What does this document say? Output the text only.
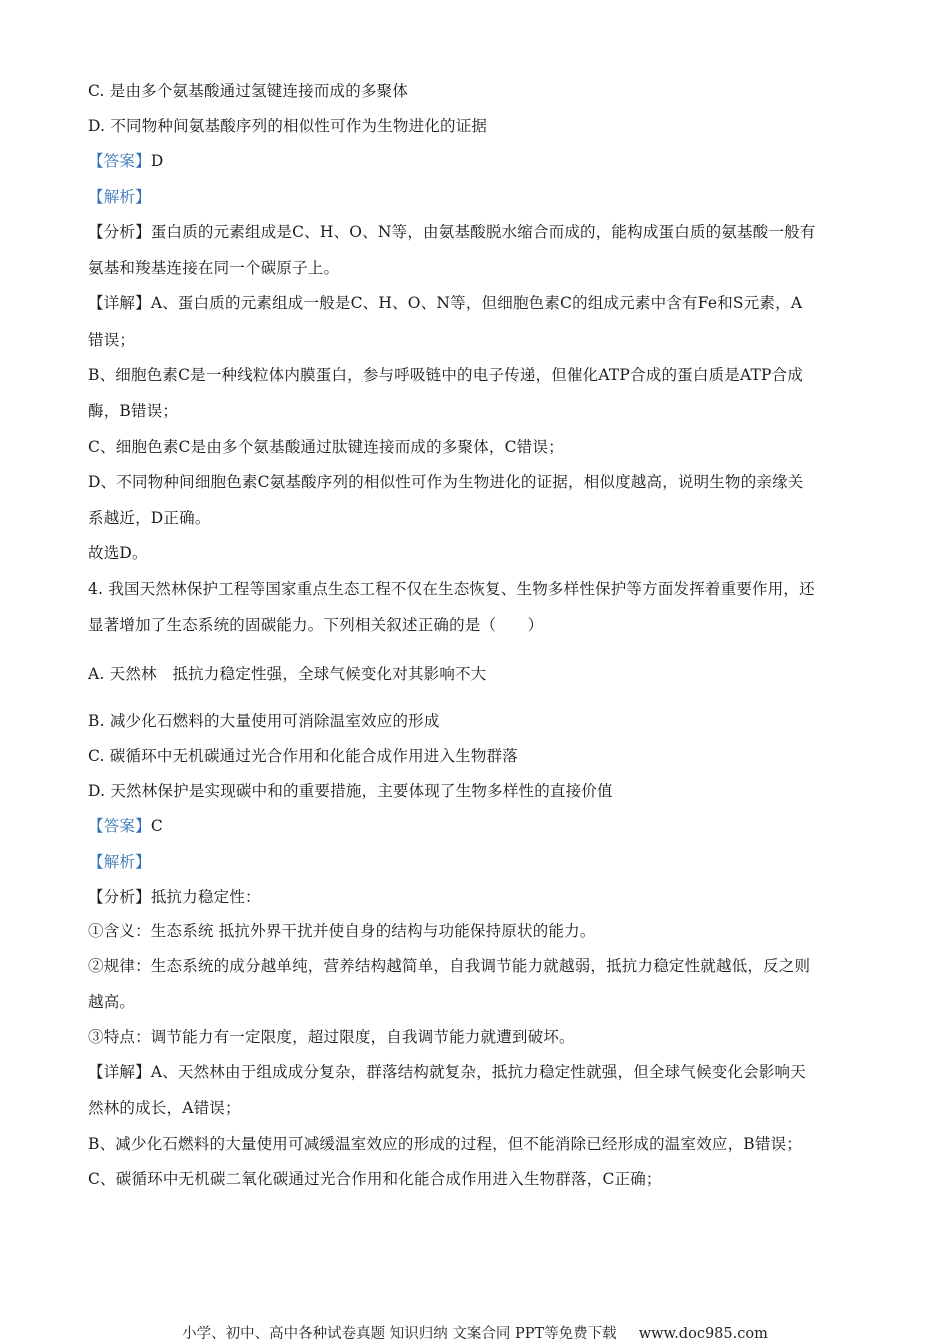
C. 是由多个氨基酸通过氢键连接而成的多聚体
D. 不同物种间氨基酸序列的相似性可作为生物进化的证据
【答案】D
【解析】
【分析】蛋白质的元素组成是C、H、O、N等，由氨基酸脱水缩合而成的，能构成蛋白质的氨基酸一般有
氨基和羧基连接在同一个碳原子上。
【详解】A、蛋白质的元素组成一般是C、H、O、N等，但细胞色素C的组成元素中含有Fe和S元素，A
错误；
B、细胞色素C是一种线粒体内膜蛋白，参与呼吸链中的电子传递，但催化ATP合成的蛋白质是ATP合成
酶，B错误；
C、细胞色素C是由多个氨基酸通过肽键连接而成的多聚体，C错误；
D、不同物种间细胞色素C氨基酸序列的相似性可作为生物进化的证据，相似度越高，说明生物的亲缘关
系越近，D正确。
故选D。
4. 我国天然林保护工程等国家重点生态工程不仅在生态恢复、生物多样性保护等方面发挥着重要作用，还
显著增加了生态系统的固碳能力。下列相关叙述正确的是（　　）
A. 天然林　抵抗力稳定性强，全球气候变化对其影响不大
B. 减少化石燃料的大量使用可消除温室效应的形成
C. 碳循环中无机碳通过光合作用和化能合成作用进入生物群落
D. 天然林保护是实现碳中和的重要措施，主要体现了生物多样性的直接价值
【答案】C
【解析】
【分析】抵抗力稳定性：
①含义：生态系统 抵抗外界干扰并使自身的结构与功能保持原状的能力。
②规律：生态系统的成分越单纯，营养结构越简单，自我调节能力就越弱，抵抗力稳定性就越低，反之则
越高。
③特点：调节能力有一定限度，超过限度，自我调节能力就遭到破坏。
【详解】A、天然林由于组成成分复杂，群落结构就复杂，抵抗力稳定性就强，但全球气候变化会影响天
然林的成长，A错误；
B、减少化石燃料的大量使用可减缓温室效应的形成的过程，但不能消除已经形成的温室效应，B错误；
C、碳循环中无机碳二氧化碳通过光合作用和化能合成作用进入生物群落，C正确；
小学、初中、高中各种试卷真题 知识归纳 文案合同 PPT等免费下载 www.doc985.com
